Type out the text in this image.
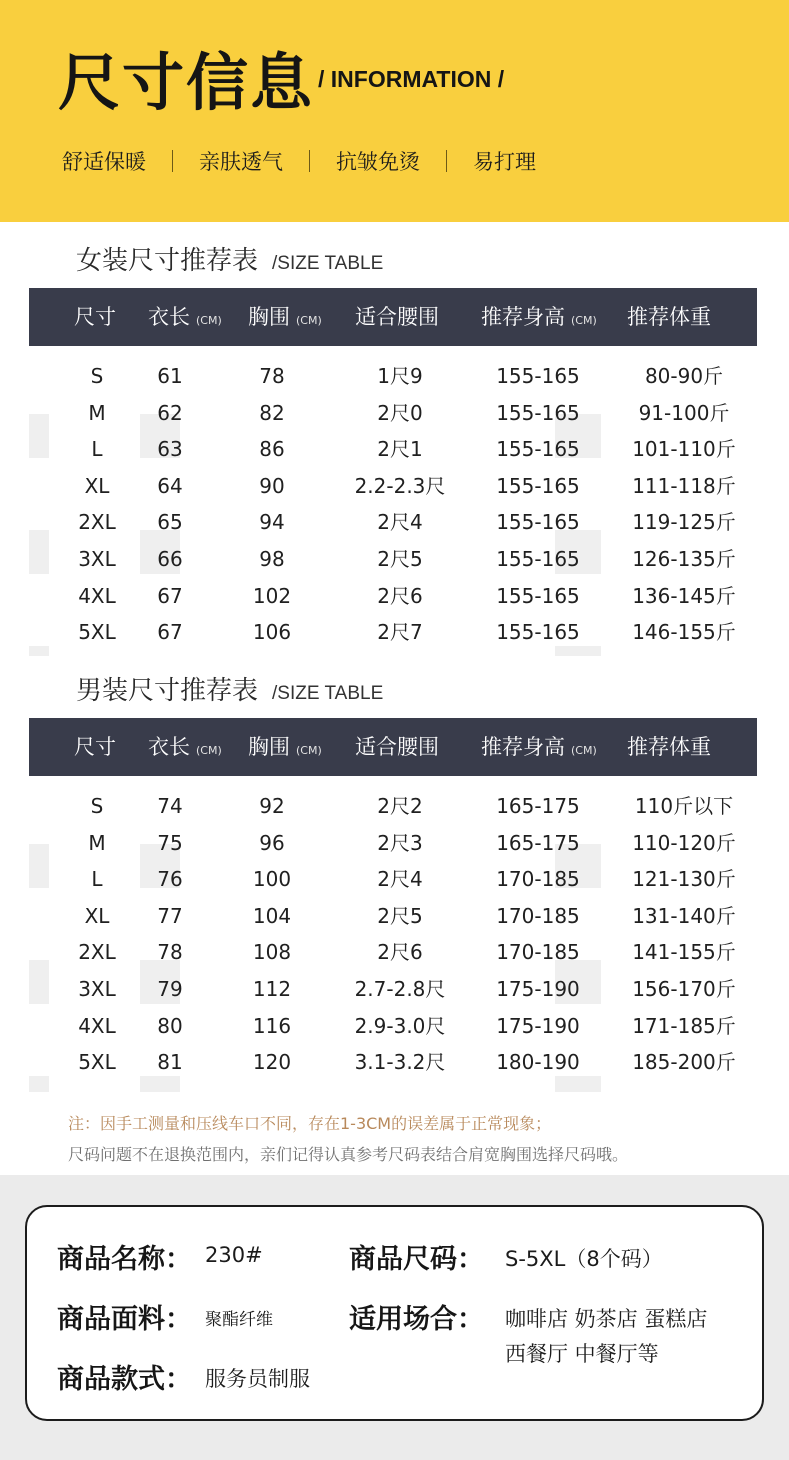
尺寸信息 / INFORMATION /
舒适保暖	亲肤透气	抗皱免烫	易打理
女装尺寸推荐表 /SIZE TABLE
尺寸 衣长 (CM) 胸围 (CM) 适合腰围 推荐身高 (CM) 推荐体重
S	61	78	1尺9	155-165	80-90斤
M	62	82	2尺0	155-165	91-100斤
L	63	86	2尺1	155-165	101-110斤
XL	64	90	2.2-2.3尺	155-165	111-118斤
2XL	65	94	2尺4	155-165	119-125斤
3XL	66	98	2尺5	155-165	126-135斤
4XL	67	102	2尺6	155-165	136-145斤
5XL	67	106	2尺7	155-165	146-155斤
男装尺寸推荐表 /SIZE TABLE
尺寸 衣长 (CM) 胸围 (CM) 适合腰围 推荐身高 (CM) 推荐体重
S	74	92	2尺2	165-175	110斤以下
M	75	96	2尺3	165-175	110-120斤
L	76	100	2尺4	170-185	121-130斤
XL	77	104	2尺5	170-185	131-140斤
2XL	78	108	2尺6	170-185	141-155斤
3XL	79	112	2.7-2.8尺	175-190	156-170斤
4XL	80	116	2.9-3.0尺	175-190	171-185斤
5XL	81	120	3.1-3.2尺	180-190	185-200斤
注：因手工测量和压线车口不同，存在1-3CM的误差属于正常现象；
尺码问题不在退换范围内，亲们记得认真参考尺码表结合肩宽胸围选择尺码哦。
商品名称： 230#
商品面料： 聚酯纤维
商品款式： 服务员制服
商品尺码： S-5XL（8个码）
适用场合： 咖啡店 奶茶店 蛋糕店
西餐厅 中餐厅等
